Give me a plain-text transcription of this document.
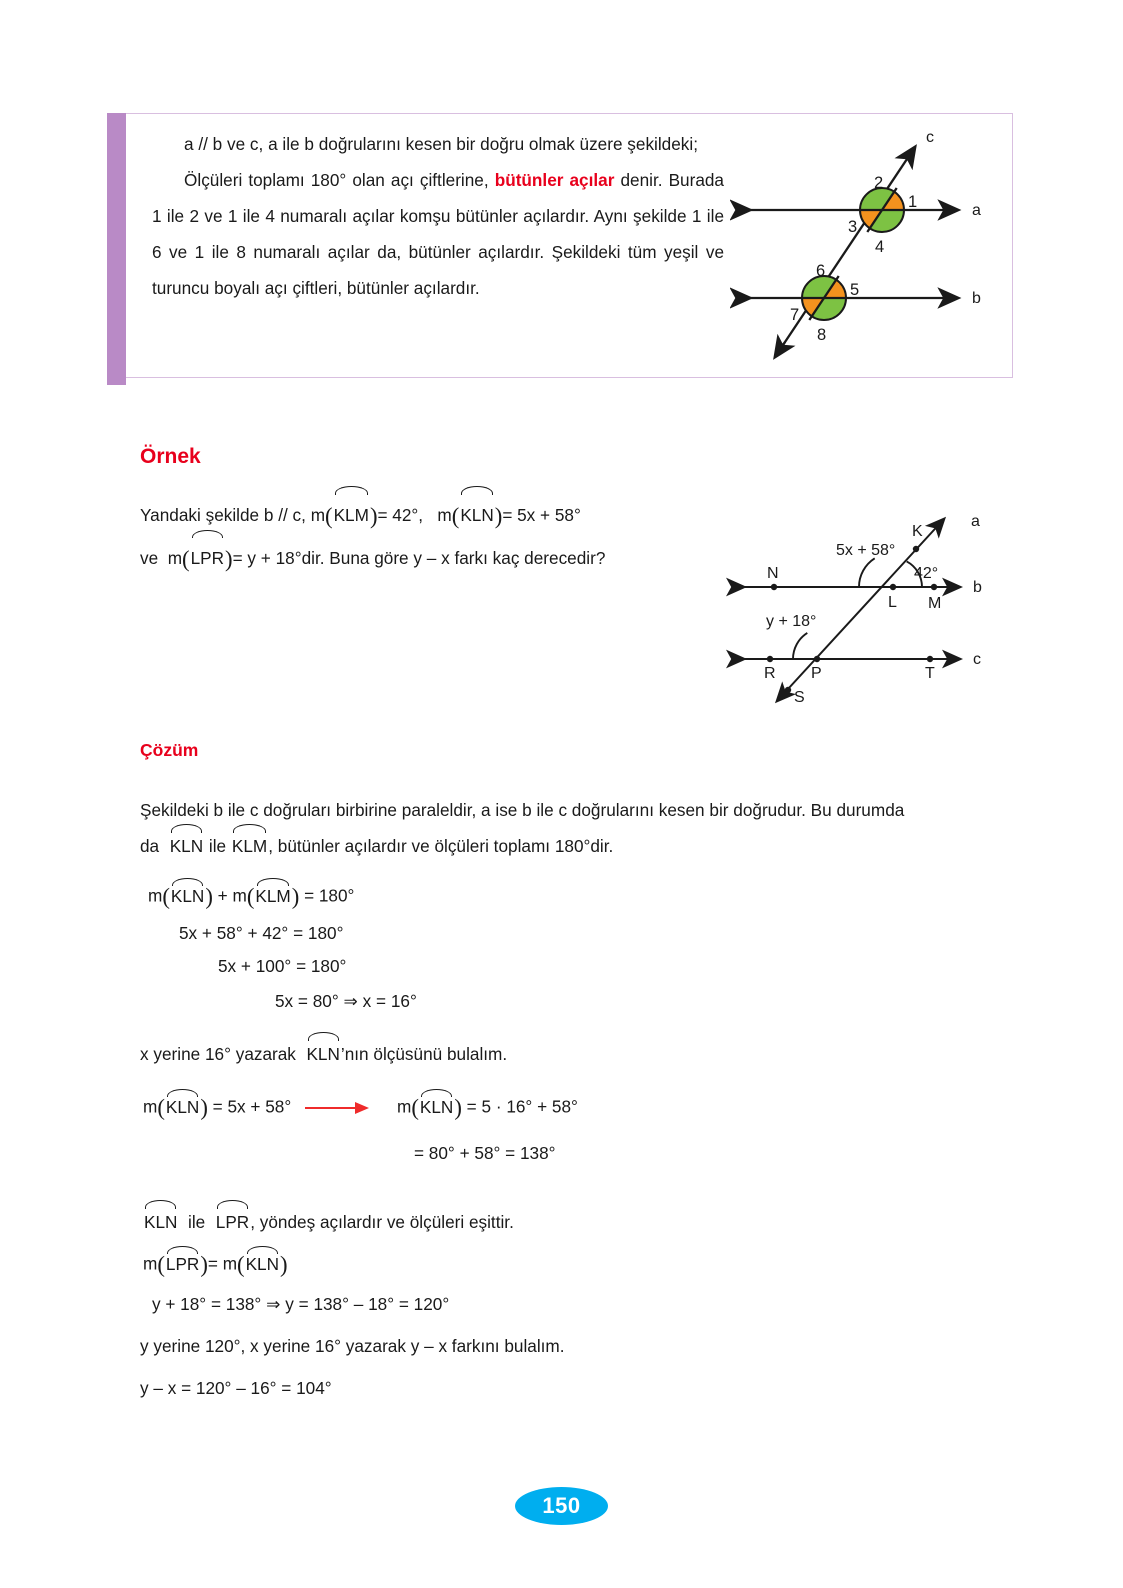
a // b ve c, a ile b doğrularını kesen bir doğru olmak üzere şekildeki;

Ölçüleri toplamı 180° olan açı çiftlerine, bütünler açılar denir. Burada 1 ile 2 ve 1 ile 4 numaralı açılar komşu bütünler açılardır. Aynı şekilde 1 ile 6 ve 1 ile 8 numaralı açılar da, bütünler açılardır. Şekildeki tüm yeşil ve turuncu boyalı açı çiftleri, bütünler açılardır.

c
a
b
2
1
3
4
6
5
7
8
Örnek
Yandaki şekilde b // c, m(KLM)= 42°, m(KLN)= 5x + 58°
ve  m(LPR)= y + 18°dir. Buna göre y – x farkı kaç derecedir?
a
b
c
K
N
L M
R P	T
S
5x + 58°
42°
y + 18°
Çözüm
Şekildeki b ile c doğruları birbirine paraleldir, a ise b ile c doğrularını kesen bir doğrudur. Bu durumda
da KLN ile KLM, bütünler açılardır ve ölçüleri toplamı 180°dir.
m(KLN) + m(KLM) = 180°
5x + 58° + 42° = 180°
5x + 100° = 180°
5x = 80° ⇒ x = 16°
x yerine 16° yazarak  KLN’nın ölçüsünü bulalım.
m(KLN) = 5x + 58°	m(KLN) = 5 · 16° + 58°
= 80° + 58° = 138°
KLN ile LPR, yöndeş açılardır ve ölçüleri eşittir.
m(LPR)= m(KLN)
y + 18° = 138° ⇒ y = 138° – 18° = 120°
y yerine 120°, x yerine 16° yazarak y – x farkını bulalım.
y – x = 120° – 16° = 104°
150
